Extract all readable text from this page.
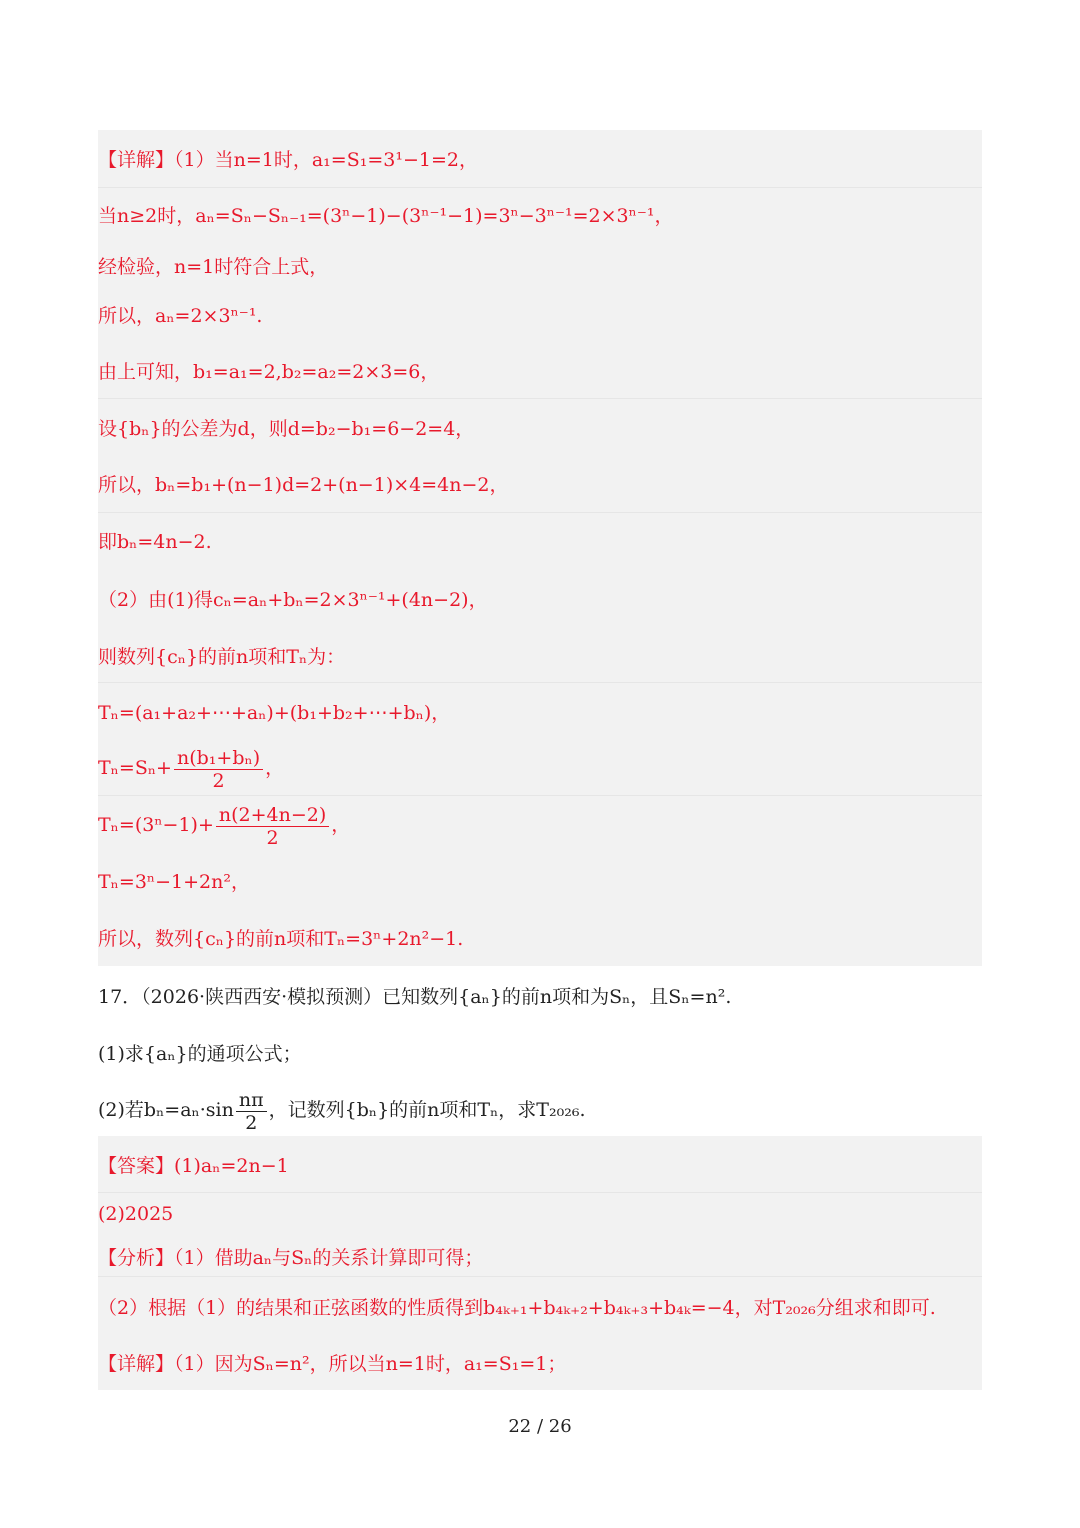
【详解】（1）当n=1时，a₁=S₁=3¹−1=2，
当n≥2时，aₙ=Sₙ−Sₙ₋₁=(3ⁿ−1)−(3ⁿ⁻¹−1)=3ⁿ−3ⁿ⁻¹=2×3ⁿ⁻¹，
经检验，n=1时符合上式，
所以，aₙ=2×3ⁿ⁻¹.
由上可知，b₁=a₁=2,b₂=a₂=2×3=6，
设{bₙ}的公差为d，则d=b₂−b₁=6−2=4，
所以，bₙ=b₁+(n−1)d=2+(n−1)×4=4n−2，
即bₙ=4n−2.
（2）由(1)得cₙ=aₙ+bₙ=2×3ⁿ⁻¹+(4n−2)，
则数列{cₙ}的前n项和Tₙ为：
Tₙ=(a₁+a₂+⋯+aₙ)+(b₁+b₂+⋯+bₙ)，
$T_n=S_n+ \frac{\text{n(b₁+bₙ)}}{2}$ ，
$T_n=(3^n-1)+ \frac{n(2+4n-2)}{2}$ ，
Tₙ=3ⁿ−1+2n²，
所以，数列{cₙ}的前n项和Tₙ=3ⁿ+2n²−1.
17．（2026·陕西西安·模拟预测）已知数列{aₙ}的前n项和为Sₙ，且Sₙ=n².
(1)求{aₙ}的通项公式；
(2)若$b_n=a_n\cdot\sin \frac{n\pi}{2}$ ，记数列{bₙ}的前n项和Tₙ，求T₂₀₂₆.
【答案】(1)aₙ=2n−1
(2)2025
【分析】（1）借助aₙ与Sₙ的关系计算即可得；
（2）根据（1）的结果和正弦函数的性质得到b₄ₖ₊₁+b₄ₖ₊₂+b₄ₖ₊₃+b₄ₖ=−4，对T₂₀₂₆分组求和即可.
【详解】（1）因为Sₙ=n²，所以当n=1时，a₁=S₁=1；
22 / 26
